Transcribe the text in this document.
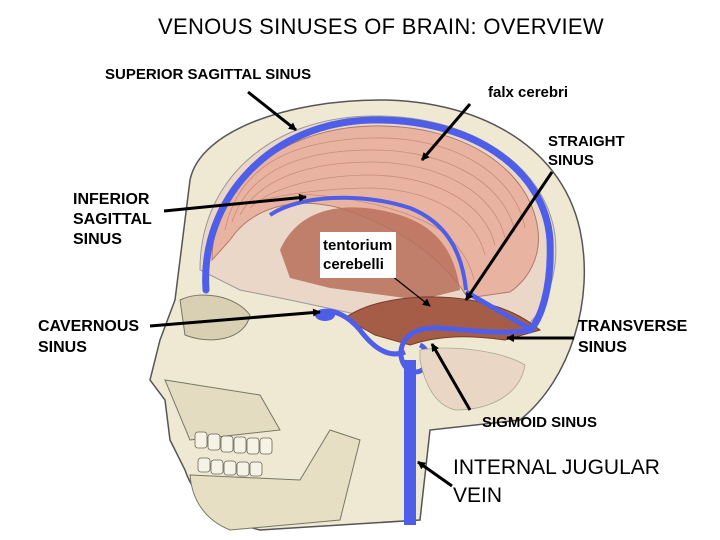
VENOUS SINUSES OF BRAIN: OVERVIEW
SUPERIOR SAGITTAL SINUS
falx cerebri
STRAIGHT
SINUS
INFERIOR
SAGITTAL
SINUS	tentorium
cerebelli
CAVERNOUS
SINUS
TRANSVERSE
SINUS
SIGMOID SINUS
INTERNAL JUGULAR
VEIN
